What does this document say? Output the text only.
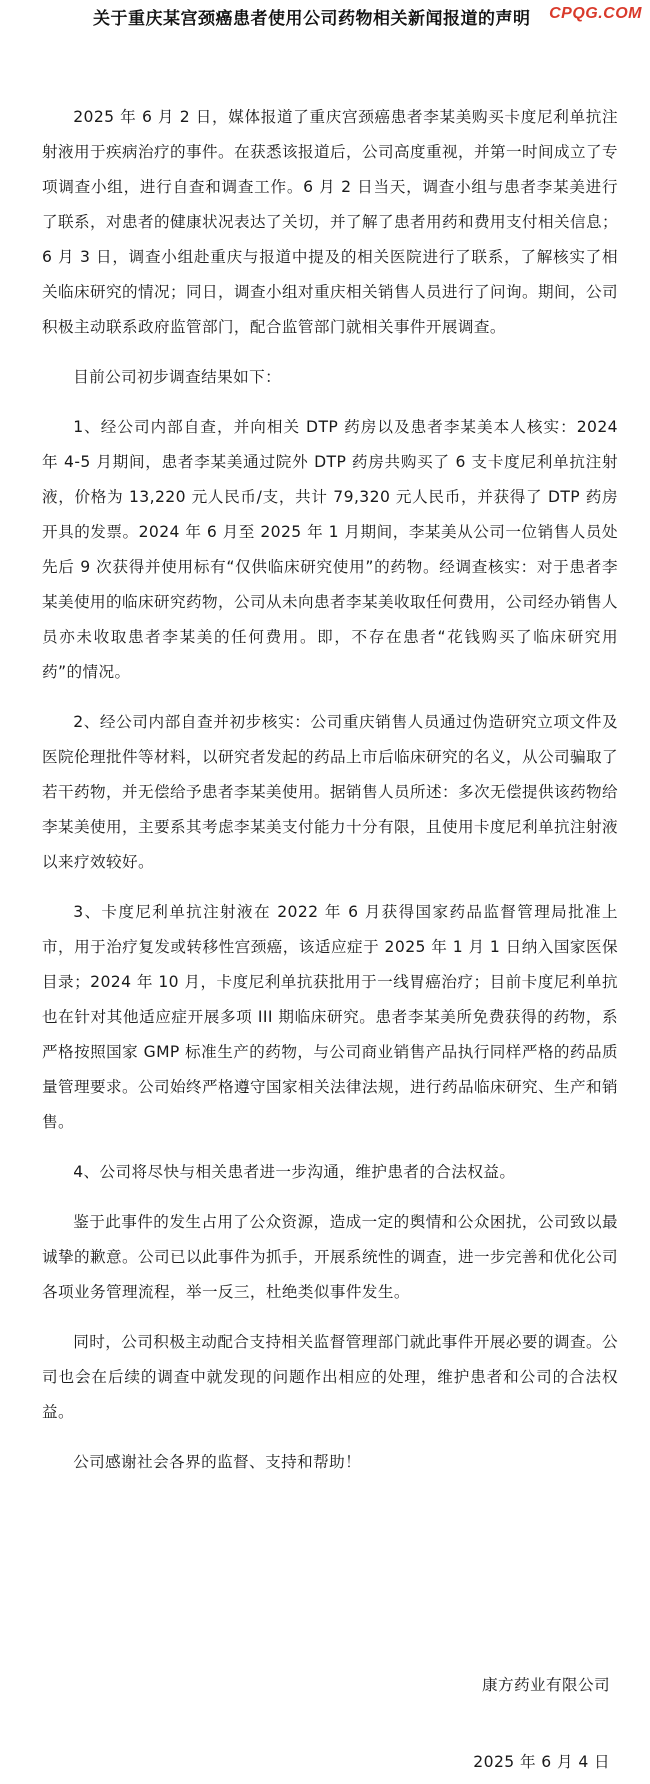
关于重庆某宫颈癌患者使用公司药物相关新闻报道的声明 CPQG.COM

2025 年 6 月 2 日，媒体报道了重庆宫颈癌患者李某美购买卡度尼利单抗注射液用于疾病治疗的事件。在获悉该报道后，公司高度重视，并第一时间成立了专项调查小组，进行自查和调查工作。6 月 2 日当天，调查小组与患者李某美进行了联系，对患者的健康状况表达了关切，并了解了患者用药和费用支付相关信息；6 月 3 日，调查小组赴重庆与报道中提及的相关医院进行了联系，了解核实了相关临床研究的情况；同日，调查小组对重庆相关销售人员进行了问询。期间，公司积极主动联系政府监管部门，配合监管部门就相关事件开展调查。

目前公司初步调查结果如下：

1、经公司内部自查，并向相关 DTP 药房以及患者李某美本人核实：2024 年 4-5 月期间，患者李某美通过院外 DTP 药房共购买了 6 支卡度尼利单抗注射液，价格为 13,220 元人民币/支，共计 79,320 元人民币，并获得了 DTP 药房开具的发票。2024 年 6 月至 2025 年 1 月期间，李某美从公司一位销售人员处先后 9 次获得并使用标有“仅供临床研究使用”的药物。经调查核实：对于患者李某美使用的临床研究药物，公司从未向患者李某美收取任何费用，公司经办销售人员亦未收取患者李某美的任何费用。即，不存在患者“花钱购买了临床研究用药”的情况。

2、经公司内部自查并初步核实：公司重庆销售人员通过伪造研究立项文件及医院伦理批件等材料，以研究者发起的药品上市后临床研究的名义，从公司骗取了若干药物，并无偿给予患者李某美使用。据销售人员所述：多次无偿提供该药物给李某美使用，主要系其考虑李某美支付能力十分有限，且使用卡度尼利单抗注射液以来疗效较好。

3、卡度尼利单抗注射液在 2022 年 6 月获得国家药品监督管理局批准上市，用于治疗复发或转移性宫颈癌，该适应症于 2025 年 1 月 1 日纳入国家医保目录；2024 年 10 月，卡度尼利单抗获批用于一线胃癌治疗；目前卡度尼利单抗也在针对其他适应症开展多项 III 期临床研究。患者李某美所免费获得的药物，系严格按照国家 GMP 标准生产的药物，与公司商业销售产品执行同样严格的药品质量管理要求。公司始终严格遵守国家相关法律法规，进行药品临床研究、生产和销售。

4、公司将尽快与相关患者进一步沟通，维护患者的合法权益。

鉴于此事件的发生占用了公众资源，造成一定的舆情和公众困扰，公司致以最诚挚的歉意。公司已以此事件为抓手，开展系统性的调查，进一步完善和优化公司各项业务管理流程，举一反三，杜绝类似事件发生。

同时，公司积极主动配合支持相关监督管理部门就此事件开展必要的调查。公司也会在后续的调查中就发现的问题作出相应的处理，维护患者和公司的合法权益。

公司感谢社会各界的监督、支持和帮助！

康方药业有限公司
2025 年 6 月 4 日
